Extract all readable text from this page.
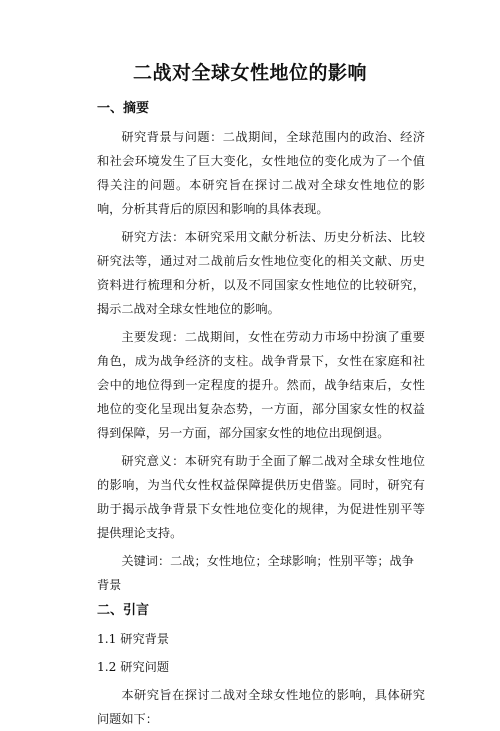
二战对全球女性地位的影响
一、摘要

研究背景与问题：二战期间，全球范围内的政治、经济和社会环境发生了巨大变化，女性地位的变化成为了一个值得关注的问题。本研究旨在探讨二战对全球女性地位的影响，分析其背后的原因和影响的具体表现。

研究方法：本研究采用文献分析法、历史分析法、比较研究法等，通过对二战前后女性地位变化的相关文献、历史资料进行梳理和分析，以及不同国家女性地位的比较研究，揭示二战对全球女性地位的影响。

主要发现：二战期间，女性在劳动力市场中扮演了重要角色，成为战争经济的支柱。战争背景下，女性在家庭和社会中的地位得到一定程度的提升。然而，战争结束后，女性地位的变化呈现出复杂态势，一方面，部分国家女性的权益得到保障，另一方面，部分国家女性的地位出现倒退。

研究意义：本研究有助于全面了解二战对全球女性地位的影响，为当代女性权益保障提供历史借鉴。同时，研究有助于揭示战争背景下女性地位变化的规律，为促进性别平等提供理论支持。

关键词：二战；女性地位；全球影响；性别平等；战争背景

二、引言

1.1 研究背景

1.2 研究问题

本研究旨在探讨二战对全球女性地位的影响，具体研究问题如下：
